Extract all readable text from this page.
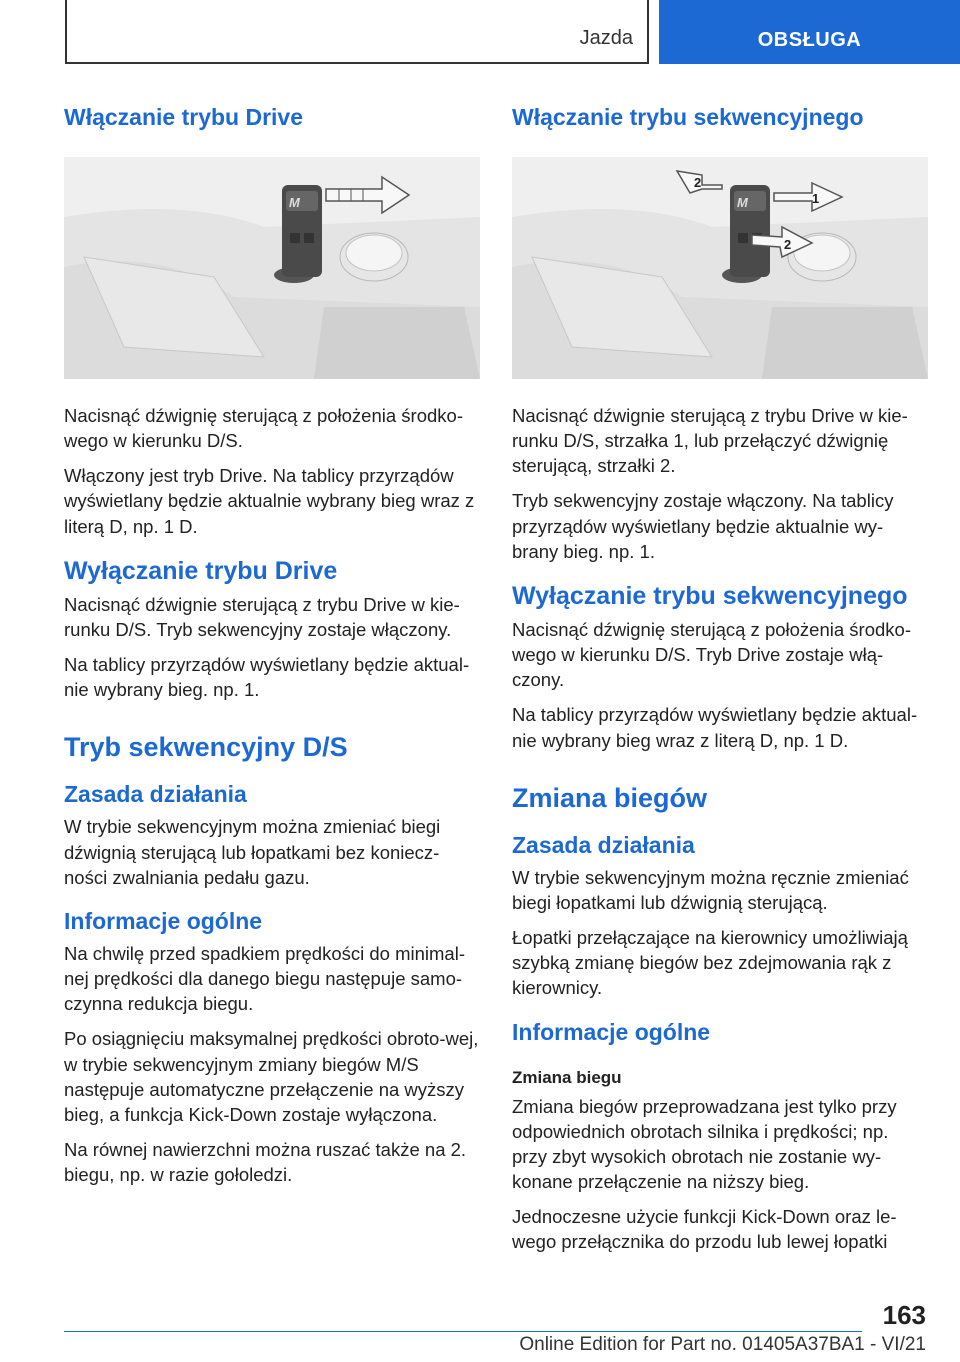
Jazda	OBSŁUGA
Włączanie trybu Drive
M

Nacisnąć dźwignię sterującą z położenia środko-wego w kierunku D/S.

Włączony jest tryb Drive. Na tablicy przyrządów wyświetlany będzie aktualnie wybrany bieg wraz z literą D, np. 1 D.

Wyłączanie trybu Drive

Nacisnąć dźwignie sterującą z trybu Drive w kie-runku D/S. Tryb sekwencyjny zostaje włączony.

Na tablicy przyrządów wyświetlany będzie aktual-nie wybrany bieg. np. 1.

Tryb sekwencyjny D/S
Zasada działania

W trybie sekwencyjnym można zmieniać biegi dźwignią sterującą lub łopatkami bez koniecz-ności zwalniania pedału gazu.

Informacje ogólne

Na chwilę przed spadkiem prędkości do minimal-nej prędkości dla danego biegu następuje samo-czynna redukcja biegu.

Po osiągnięciu maksymalnej prędkości obroto-wej, w trybie sekwencyjnym zmiany biegów M/S następuje automatyczne przełączenie na wyższy bieg, a funkcja Kick-Down zostaje wyłączona.

Na równej nawierzchni można ruszać także na 2. biegu, np. w razie gołoledzi.

Włączanie trybu sekwencyjnego
M
2
1
2

Nacisnąć dźwignie sterującą z trybu Drive w kie-runku D/S, strzałka 1, lub przełączyć dźwignię sterującą, strzałki 2.

Tryb sekwencyjny zostaje włączony. Na tablicy przyrządów wyświetlany będzie aktualnie wy-brany bieg. np. 1.

Wyłączanie trybu sekwencyjnego

Nacisnąć dźwignię sterującą z położenia środko-wego w kierunku D/S. Tryb Drive zostaje włą-czony.

Na tablicy przyrządów wyświetlany będzie aktual-nie wybrany bieg wraz z literą D, np. 1 D.

Zmiana biegów
Zasada działania

W trybie sekwencyjnym można ręcznie zmieniać biegi łopatkami lub dźwignią sterującą.

Łopatki przełączające na kierownicy umożliwiają szybką zmianę biegów bez zdejmowania rąk z kierownicy.

Informacje ogólne
Zmiana biegu

Zmiana biegów przeprowadzana jest tylko przy odpowiednich obrotach silnika i prędkości; np. przy zbyt wysokich obrotach nie zostanie wy-konane przełączenie na niższy bieg.

Jednoczesne użycie funkcji Kick-Down oraz le-wego przełącznika do przodu lub lewej łopatki

163
Online Edition for Part no. 01405A37BA1 - VI/21
